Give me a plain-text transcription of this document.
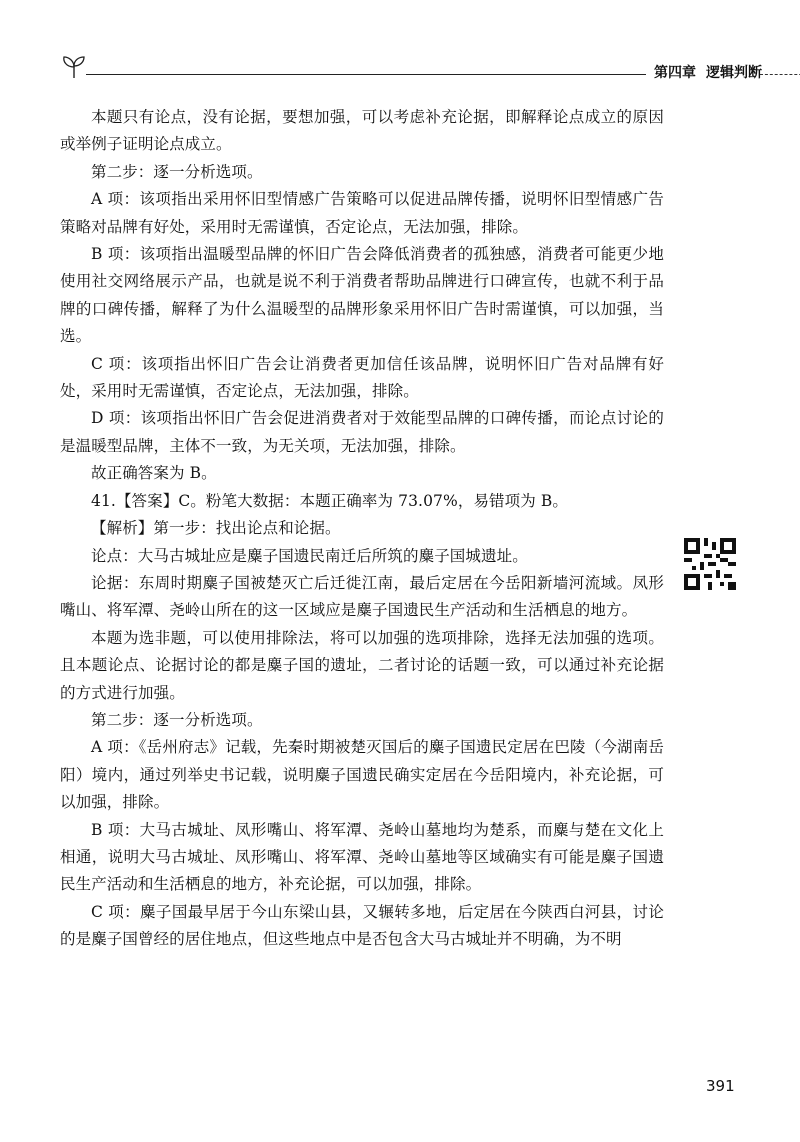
第四章 逻辑判断

本题只有论点，没有论据，要想加强，可以考虑补充论据，即解释论点成立的原因或举例子证明论点成立。

第二步：逐一分析选项。

A 项：该项指出采用怀旧型情感广告策略可以促进品牌传播，说明怀旧型情感广告策略对品牌有好处，采用时无需谨慎，否定论点，无法加强，排除。

B 项：该项指出温暖型品牌的怀旧广告会降低消费者的孤独感，消费者可能更少地使用社交网络展示产品，也就是说不利于消费者帮助品牌进行口碑宣传，也就不利于品牌的口碑传播，解释了为什么温暖型的品牌形象采用怀旧广告时需谨慎，可以加强，当选。

C 项：该项指出怀旧广告会让消费者更加信任该品牌，说明怀旧广告对品牌有好处，采用时无需谨慎，否定论点，无法加强，排除。

D 项：该项指出怀旧广告会促进消费者对于效能型品牌的口碑传播，而论点讨论的是温暖型品牌，主体不一致，为无关项，无法加强，排除。

故正确答案为 B。

41.【答案】C。粉笔大数据：本题正确率为 73.07%，易错项为 B。

【解析】第一步：找出论点和论据。

论点：大马古城址应是麋子国遗民南迁后所筑的麋子国城遗址。

论据：东周时期麋子国被楚灭亡后迁徙江南，最后定居在今岳阳新墙河流域。凤形嘴山、将军潭、尧岭山所在的这一区域应是麋子国遗民生产活动和生活栖息的地方。

本题为选非题，可以使用排除法，将可以加强的选项排除，选择无法加强的选项。且本题论点、论据讨论的都是麋子国的遗址，二者讨论的话题一致，可以通过补充论据的方式进行加强。

第二步：逐一分析选项。

A 项：《岳州府志》记载，先秦时期被楚灭国后的麋子国遗民定居在巴陵（今湖南岳阳）境内，通过列举史书记载，说明麋子国遗民确实定居在今岳阳境内，补充论据，可以加强，排除。

B 项：大马古城址、凤形嘴山、将军潭、尧岭山墓地均为楚系，而麋与楚在文化上相通，说明大马古城址、凤形嘴山、将军潭、尧岭山墓地等区域确实有可能是麋子国遗民生产活动和生活栖息的地方，补充论据，可以加强，排除。

C 项：麋子国最早居于今山东梁山县，又辗转多地，后定居在今陕西白河县，讨论的是麋子国曾经的居住地点，但这些地点中是否包含大马古城址并不明确，为不明

391
